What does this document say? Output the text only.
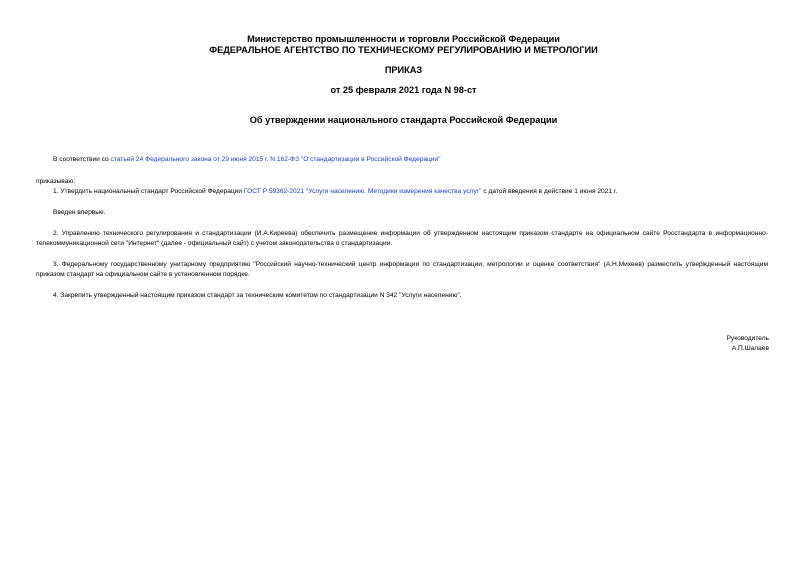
Министерство промышленности и торговли Российской Федерации
ФЕДЕРАЛЬНОЕ АГЕНТСТВО ПО ТЕХНИЧЕСКОМУ РЕГУЛИРОВАНИЮ И МЕТРОЛОГИИ
ПРИКАЗ
от 25 февраля 2021 года N 98-ст
Об утверждении национального стандарта Российской Федерации
В соответствии со статьей 24 Федерального закона от 29 июня 2015 г. N 162-ФЗ "О стандартизации в Российской Федерации"
приказываю:
1. Утвердить национальный стандарт Российской Федерации ГОСТ Р 59362-2021 "Услуги населению. Методики измерения качества услуг" с датой введения в действие 1 июня 2021 г.
Введен впервые.
2. Управлению технического регулирования и стандартизации (И.А.Киреева) обеспечить размещение информации об утвержденном настоящим приказом стандарте на официальном сайте Росстандарта в информационно-телекоммуникационной сети "Интернет" (далее - официальный сайт) с учетом законодательства о стандартизации.
3. Федеральному государственному унитарному предприятию "Российский научно-технический центр информации по стандартизации, метрологии и оценке соответствия" (А.Н.Михеев) разместить утвержденный настоящим приказом стандарт на официальном сайте в установленном порядке.
4. Закрепить утвержденный настоящим приказом стандарт за техническим комитетом по стандартизации N 342 "Услуги населению".
Руководитель
А.П.Шалаев
